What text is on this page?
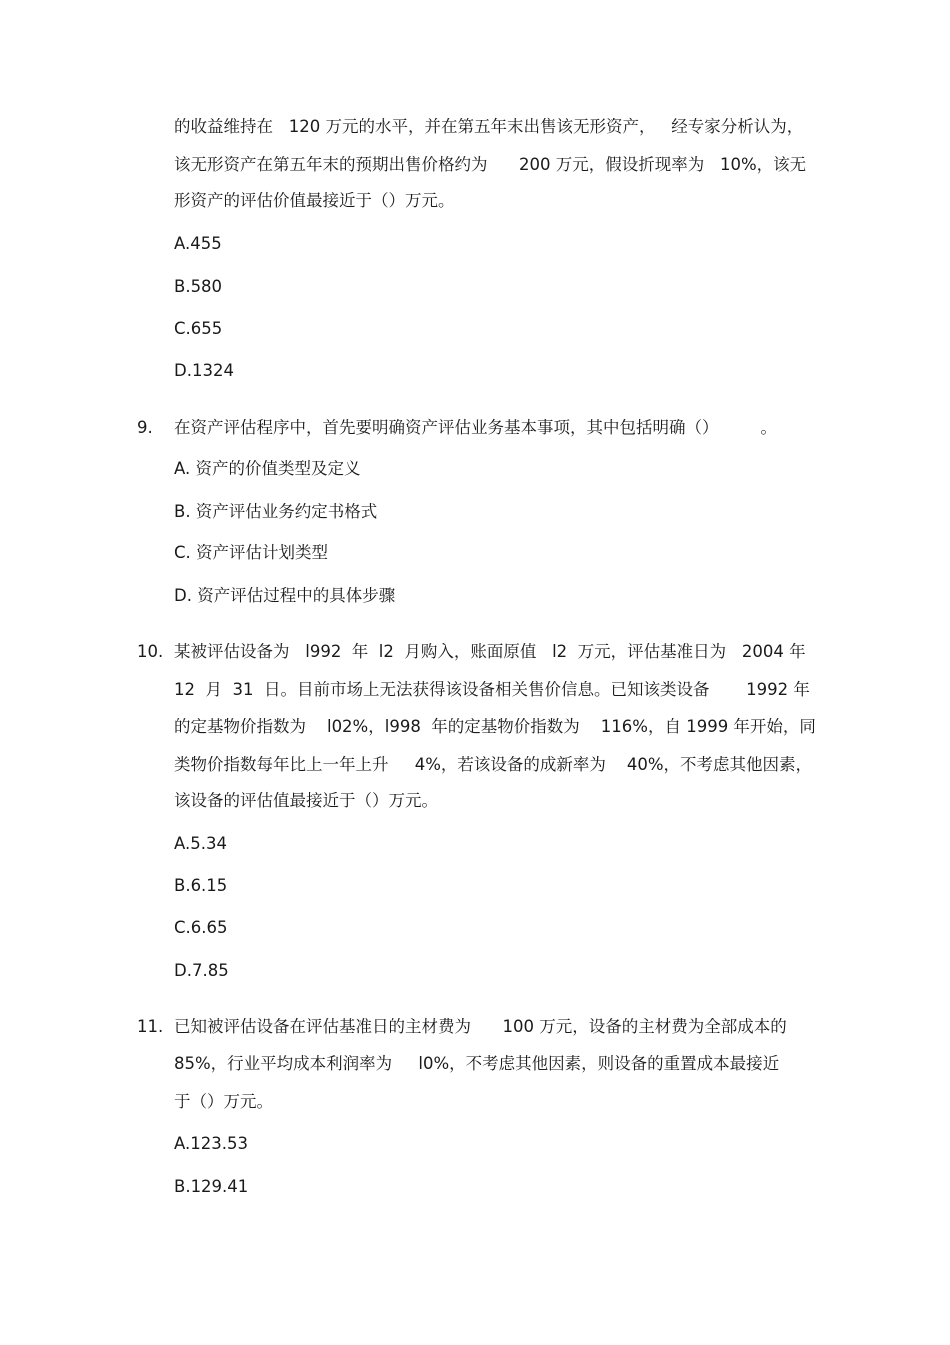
的收益维持在   120 万元的水平，并在第五年末出售该无形资产，   经专家分析认为，
该无形资产在第五年末的预期出售价格约为      200 万元，假设折现率为   10%，该无
形资产的评估价值最接近于（）万元。
A.455
B.580
C.655
D.1324
9. 在资产评估程序中，首先要明确资产评估业务基本事项，其中包括明确（）        。
A. 资产的价值类型及定义
B. 资产评估业务约定书格式
C. 资产评估计划类型
D. 资产评估过程中的具体步骤
10. 某被评估设备为   l992  年  l2  月购入，账面原值   l2  万元，评估基准日为   2004 年
12  月  31  日。目前市场上无法获得该设备相关售价信息。已知该类设备       1992 年
的定基物价指数为    l02%，l998  年的定基物价指数为    116%，自 1999 年开始，同
类物价指数每年比上一年上升     4%，若该设备的成新率为    40%，不考虑其他因素，
该设备的评估值最接近于（）万元。
A.5.34
B.6.15
C.6.65
D.7.85
11. 已知被评估设备在评估基准日的主材费为      100 万元，设备的主材费为全部成本的
85%，行业平均成本利润率为     l0%，不考虑其他因素，则设备的重置成本最接近
于（）万元。
A.123.53
B.129.41
